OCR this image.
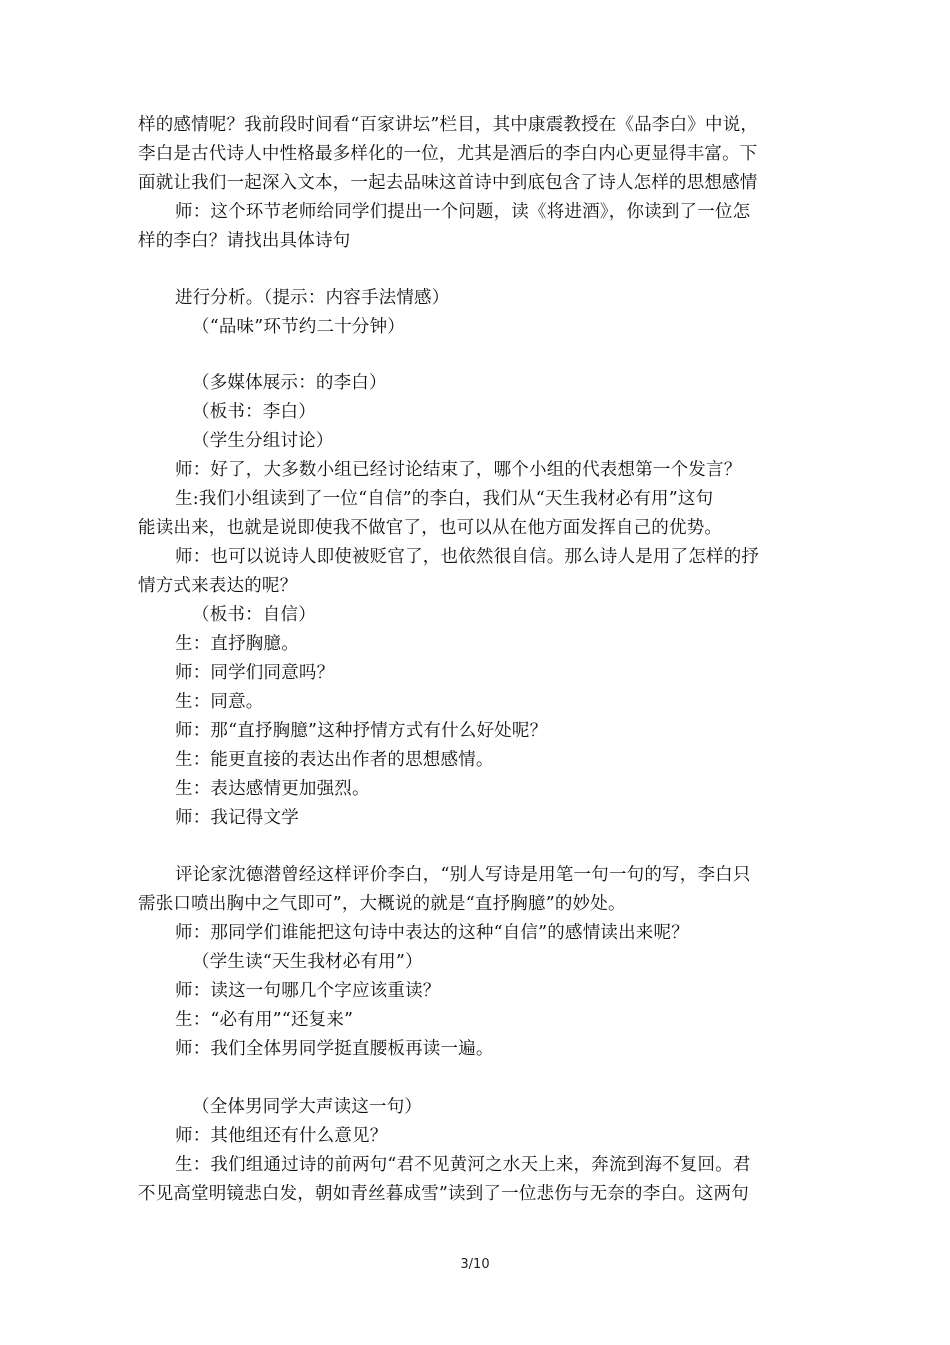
样的感情呢？我前段时间看“百家讲坛”栏目，其中康震教授在《品李白》中说，
李白是古代诗人中性格最多样化的一位，尤其是酒后的李白内心更显得丰富。下
面就让我们一起深入文本，一起去品味这首诗中到底包含了诗人怎样的思想感情
师：这个环节老师给同学们提出一个问题，读《将进酒》，你读到了一位怎
样的李白？请找出具体诗句
进行分析。（提示：内容手法情感）
（“品味”环节约二十分钟）
（多媒体展示：的李白）
（板书：李白）
（学生分组讨论）
师：好了，大多数小组已经讨论结束了，哪个小组的代表想第一个发言？
生:我们小组读到了一位“自信”的李白，我们从“天生我材必有用”这句
能读出来，也就是说即使我不做官了，也可以从在他方面发挥自己的优势。
师：也可以说诗人即使被贬官了，也依然很自信。那么诗人是用了怎样的抒
情方式来表达的呢？
（板书：自信）
生：直抒胸臆。
师：同学们同意吗？
生：同意。
师：那“直抒胸臆”这种抒情方式有什么好处呢？
生：能更直接的表达出作者的思想感情。
生：表达感情更加强烈。
师：我记得文学
评论家沈德潜曾经这样评价李白，“别人写诗是用笔一句一句的写，李白只
需张口喷出胸中之气即可”，大概说的就是“直抒胸臆”的妙处。
师：那同学们谁能把这句诗中表达的这种“自信”的感情读出来呢？
（学生读“天生我材必有用”）
师：读这一句哪几个字应该重读？
生：“必有用”“还复来”
师：我们全体男同学挺直腰板再读一遍。
（全体男同学大声读这一句）
师：其他组还有什么意见？
生：我们组通过诗的前两句“君不见黄河之水天上来，奔流到海不复回。君
不见高堂明镜悲白发，朝如青丝暮成雪”读到了一位悲伤与无奈的李白。这两句
3/10
